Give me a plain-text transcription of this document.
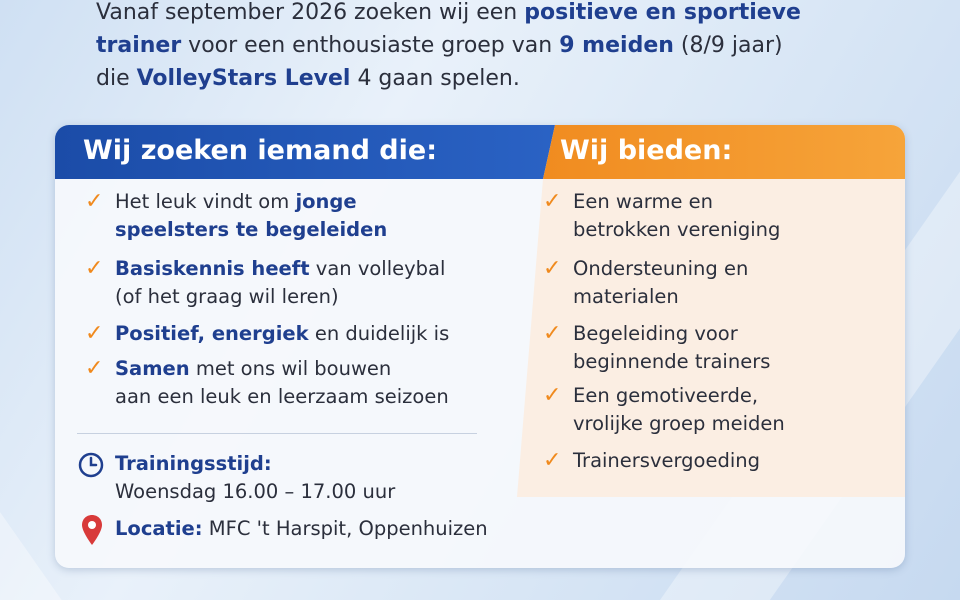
Vanaf september 2026 zoeken wij een positieve en sportieve
trainer voor een enthousiaste groep van 9 meiden (8/9 jaar)
die VolleyStars Level 4 gaan spelen.
Wij zoeken iemand die:	Wij bieden:
✓ Het leuk vindt om jonge
speelsters te begeleiden
✓ Basiskennis heeft van volleybal
(of het graag wil leren)
✓ Positief, energiek en duidelijk is
✓ Samen met ons wil bouwen
aan een leuk en leerzaam seizoen
Trainingsstijd:
Woensdag 16.00 – 17.00 uur
Locatie: MFC 't Harspit, Oppenhuizen
✓ Een warme en
betrokken vereniging
✓ Ondersteuning en
materialen
✓ Begeleiding voor
beginnende trainers
✓ Een gemotiveerde,
vrolijke groep meiden
✓ Trainersvergoeding
